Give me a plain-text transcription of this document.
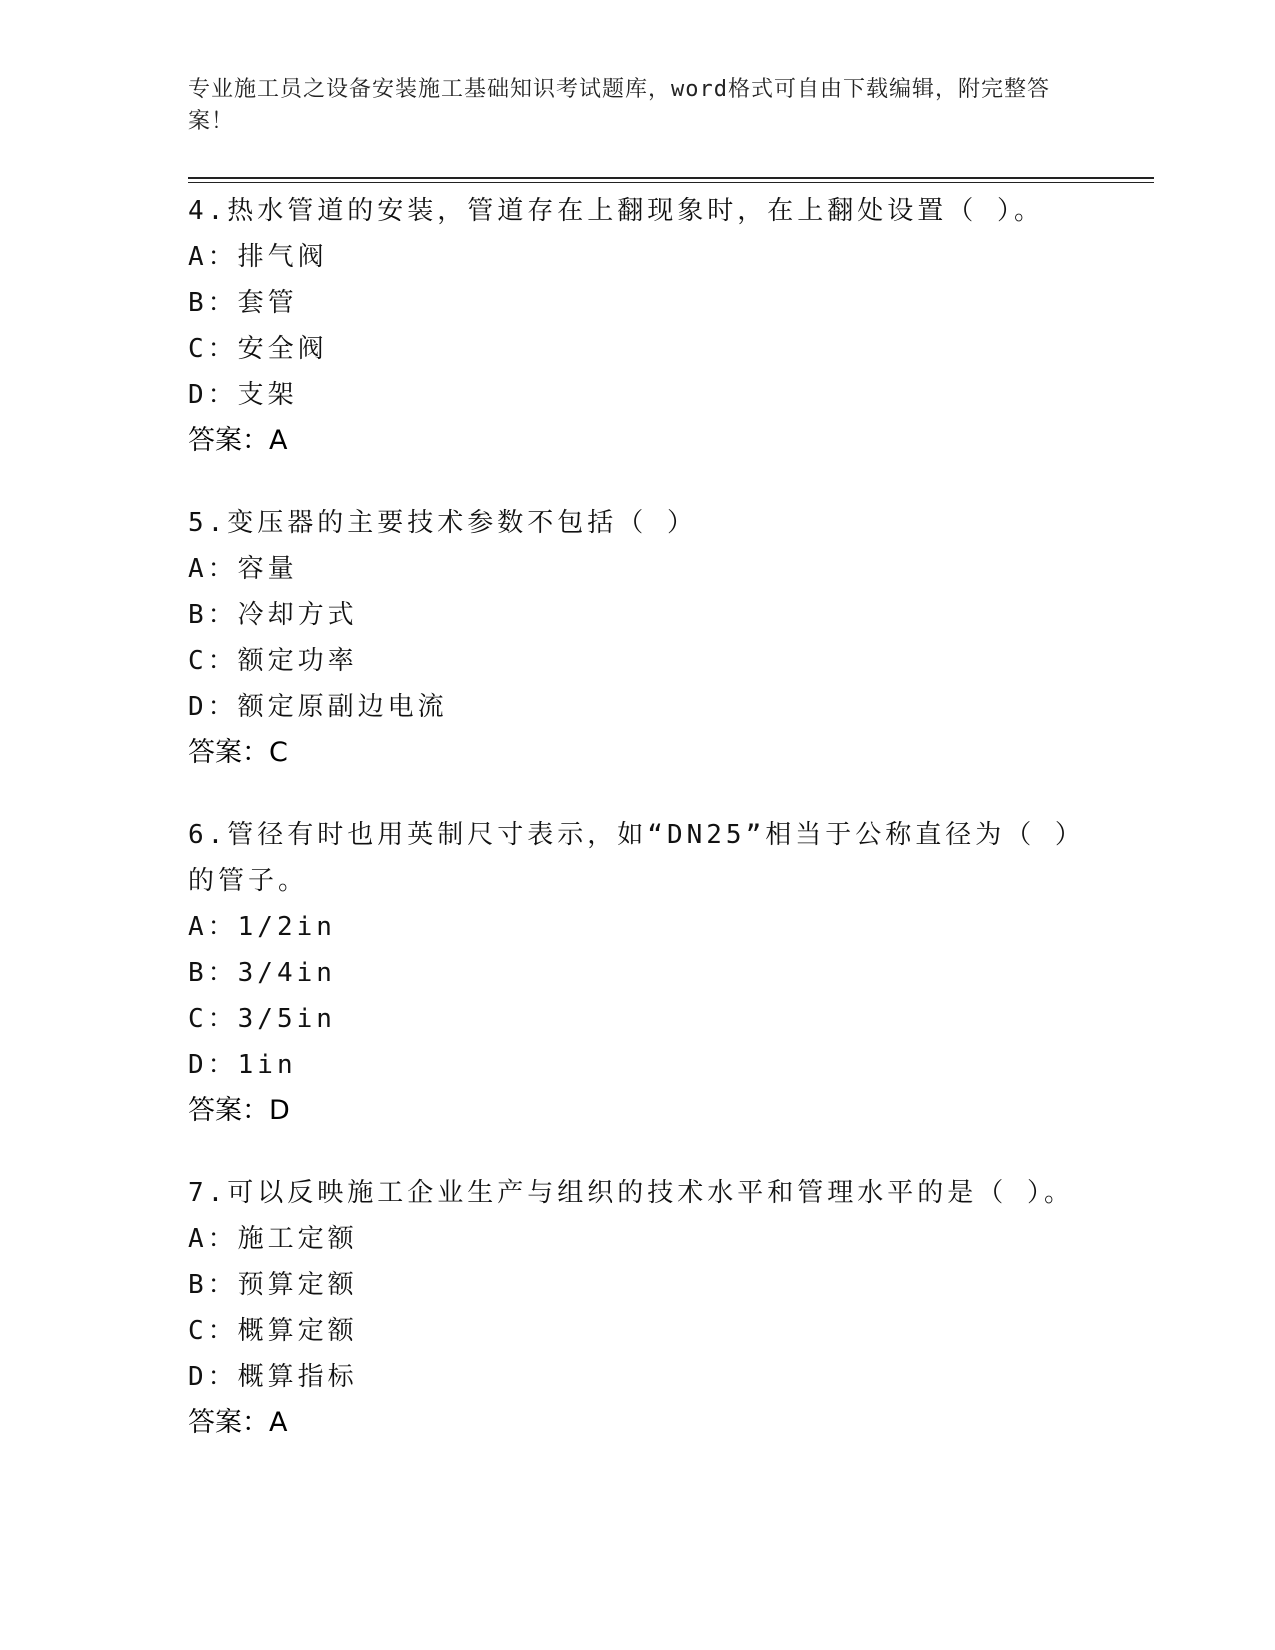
专业施工员之设备安装施工基础知识考试题库，word格式可自由下载编辑，附完整答案！

4.热水管道的安装，管道存在上翻现象时，在上翻处设置（ ）。

A：排气阀

B：套管

C：安全阀

D：支架

答案：A

5.变压器的主要技术参数不包括（ ）

A：容量

B：冷却方式

C：额定功率

D：额定原副边电流

答案：C

6.管径有时也用英制尺寸表示，如“DN25”相当于公称直径为（ ）的管子。

A：1/2in

B：3/4in

C：3/5in

D：1in

答案：D

7.可以反映施工企业生产与组织的技术水平和管理水平的是（ ）。

A：施工定额

B：预算定额

C：概算定额

D：概算指标

答案：A
